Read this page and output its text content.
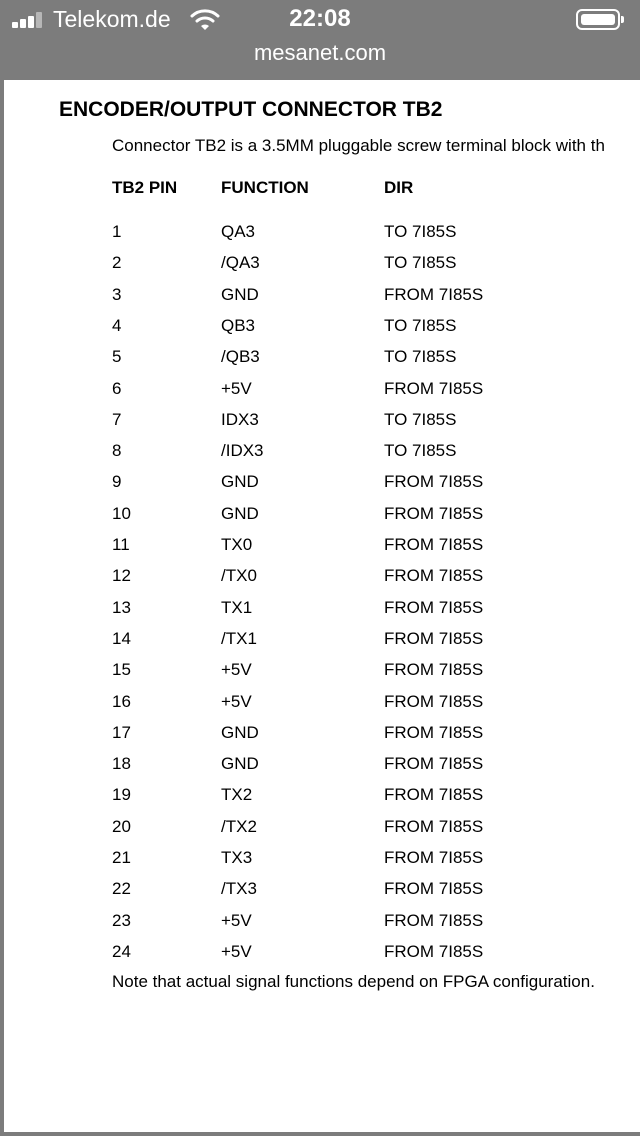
Telekom.de	22:08
mesanet.com
ENCODER/OUTPUT CONNECTOR TB2
Connector TB2 is a 3.5MM pluggable screw terminal block with th
TB2 PIN	FUNCTION	DIR
1	QA3	TO 7I85S
2	/QA3	TO 7I85S
3	GND	FROM 7I85S
4	QB3	TO 7I85S
5	/QB3	TO 7I85S
6	+5V	FROM 7I85S
7	IDX3	TO 7I85S
8	/IDX3	TO 7I85S
9	GND	FROM 7I85S
10	GND	FROM 7I85S
11	TX0	FROM 7I85S
12	/TX0	FROM 7I85S
13	TX1	FROM 7I85S
14	/TX1	FROM 7I85S
15	+5V	FROM 7I85S
16	+5V	FROM 7I85S
17	GND	FROM 7I85S
18	GND	FROM 7I85S
19	TX2	FROM 7I85S
20	/TX2	FROM 7I85S
21	TX3	FROM 7I85S
22	/TX3	FROM 7I85S
23	+5V	FROM 7I85S
24	+5V	FROM 7I85S
Note that actual signal functions depend on FPGA configuration.
